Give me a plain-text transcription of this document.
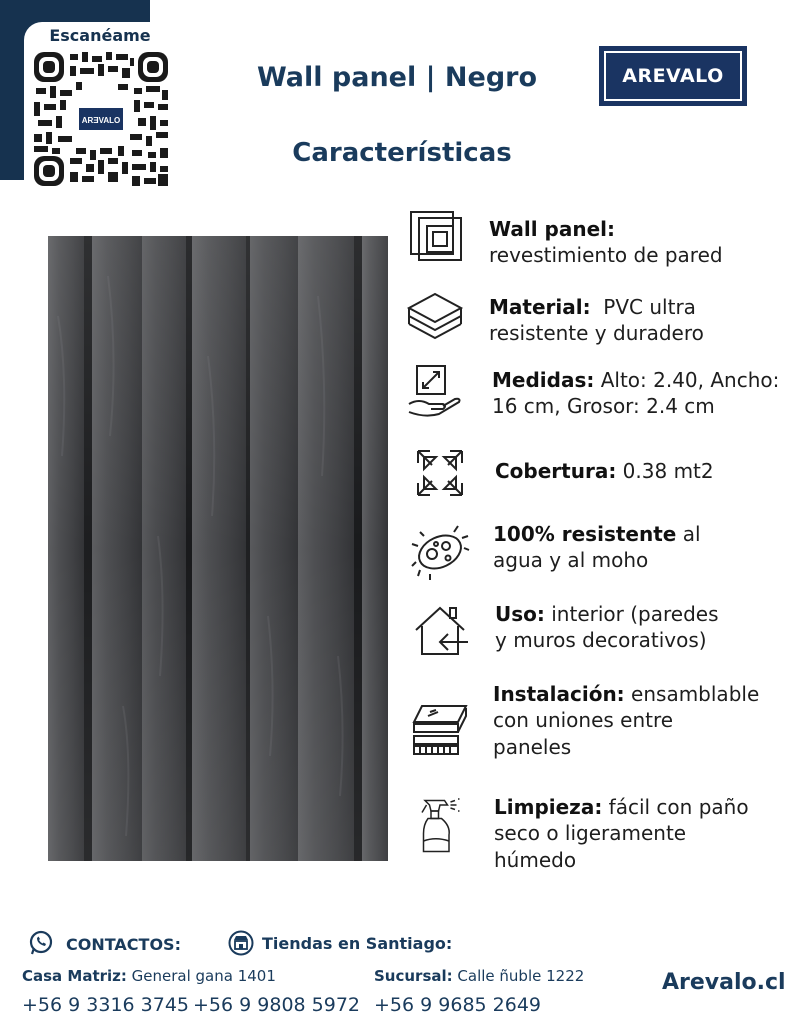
Escanéame
ARƎVALO
Wall panel | Negro
Características
AREVALO
Wall panel:
revestimiento de pared
Material:  PVC ultra
resistente y duradero
Medidas: Alto: 2.40, Ancho:
16 cm, Grosor: 2.4 cm
Cobertura: 0.38 mt2
100% resistente al
agua y al moho
Uso: interior (paredes
y muros decorativos)
Instalación: ensamblable
con uniones entre
paneles
Limpieza: fácil con paño
seco o ligeramente
húmedo
CONTACTOS:	Tiendas en Santiago:
Casa Matriz: General gana 1401	Sucursal: Calle ñuble 1222
+56 9 3316 3745 +56 9 9808 5972 +56 9 9685 2649
Arevalo.cl
